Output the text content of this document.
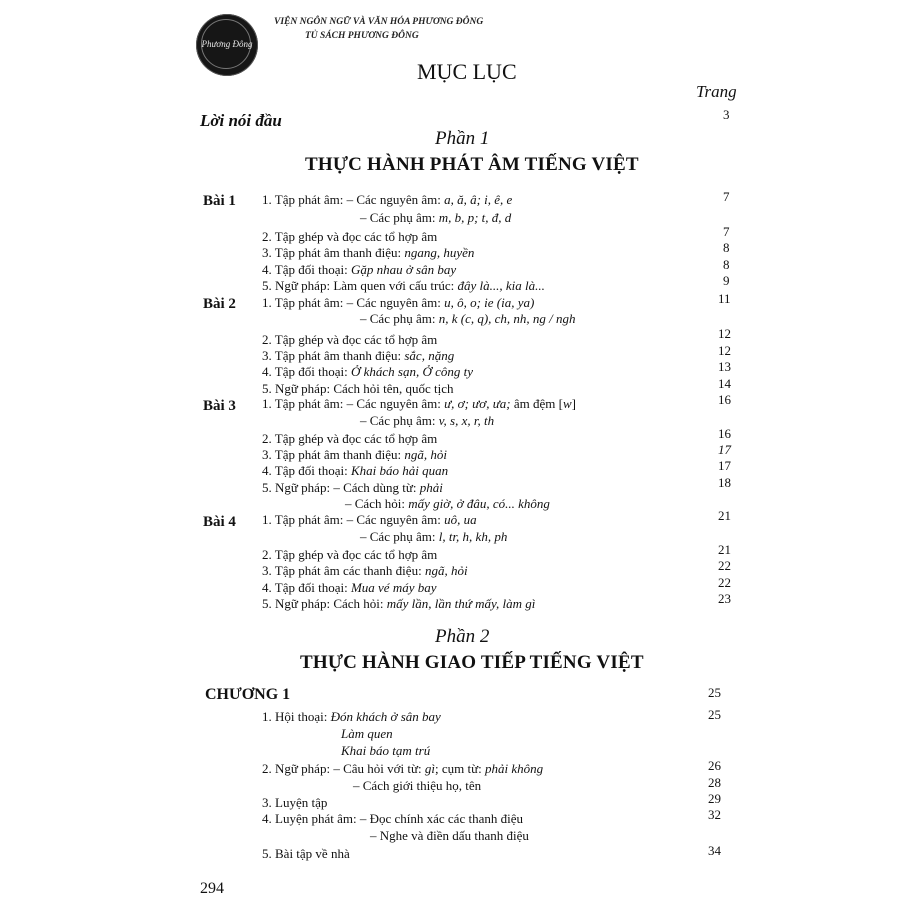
Phương Đông
VIỆN NGÔN NGỮ VÀ VĂN HÓA PHƯƠNG ĐÔNG
TỦ SÁCH PHƯƠNG ĐÔNG
MỤC LỤC
Trang
Lời nói đầu	3
Phần 1
THỰC HÀNH PHÁT ÂM TIẾNG VIỆT
Bài 1 1. Tập phát âm: – Các nguyên âm: a, ă, â; i, ê, e	7
– Các phụ âm: m, b, p; t, đ, d
2. Tập ghép và đọc các tổ hợp âm	7
3. Tập phát âm thanh điệu: ngang, huyền	8
4. Tập đối thoại: Gặp nhau ở sân bay	8
5. Ngữ pháp: Làm quen với cấu trúc: đây là..., kia là...	9
Bài 2 1. Tập phát âm: – Các nguyên âm: u, ô, o; ie (ia, ya)	11
– Các phụ âm: n, k (c, q), ch, nh, ng / ngh
2. Tập ghép và đọc các tổ hợp âm	12
3. Tập phát âm thanh điệu: sắc, nặng	12
4. Tập đối thoại: Ở khách sạn, Ở công ty	13
5. Ngữ pháp: Cách hỏi tên, quốc tịch	14
Bài 3 1. Tập phát âm: – Các nguyên âm: ư, ơ; ươ, ưa; âm đệm [w]	16
– Các phụ âm: v, s, x, r, th
2. Tập ghép và đọc các tổ hợp âm	16
3. Tập phát âm thanh điệu: ngã, hỏi	17
4. Tập đối thoại: Khai báo hải quan	17
5. Ngữ pháp: – Cách dùng từ: phải	18
– Cách hỏi: mấy giờ, ở đâu, có... không
Bài 4 1. Tập phát âm: – Các nguyên âm: uô, ua	21
– Các phụ âm: l, tr, h, kh, ph
2. Tập ghép và đọc các tổ hợp âm	21
3. Tập phát âm các thanh điệu: ngã, hỏi	22
4. Tập đối thoại: Mua vé máy bay	22
5. Ngữ pháp: Cách hỏi: mấy lần, lần thứ mấy, làm gì	23
Phần 2
THỰC HÀNH GIAO TIẾP TIẾNG VIỆT
CHƯƠNG 1	25
1. Hội thoại: Đón khách ở sân bay	25
Làm quen
Khai báo tạm trú
2. Ngữ pháp: – Câu hỏi với từ: gì; cụm từ: phải không	26
– Cách giới thiệu họ, tên	28
3. Luyện tập	29
4. Luyện phát âm: – Đọc chính xác các thanh điệu	32
– Nghe và điền dấu thanh điệu
5. Bài tập về nhà	34
294
